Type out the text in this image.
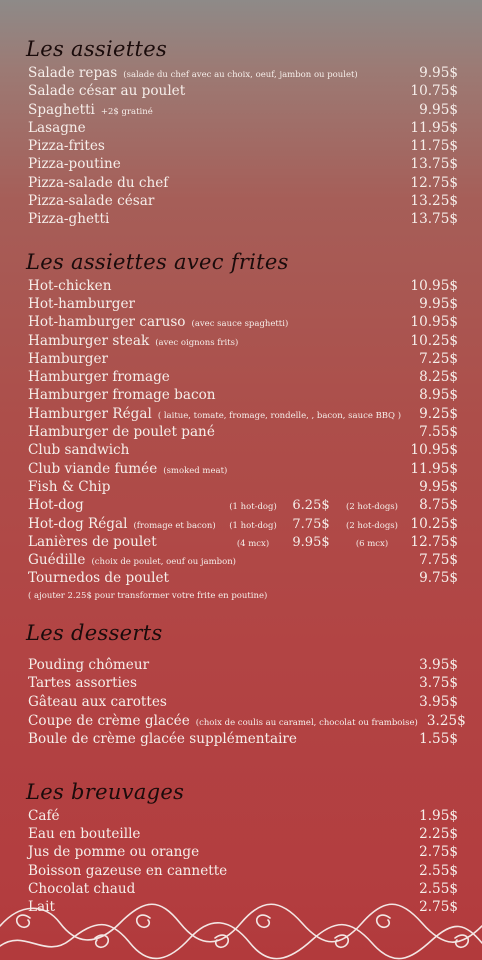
Les assiettes
Salade repas (salade du chef avec au choix, oeuf, jambon ou poulet)	9.95$
Salade césar au poulet	10.75$
Spaghetti +2$ gratiné	9.95$
Lasagne	11.95$
Pizza-frites	11.75$
Pizza-poutine	13.75$
Pizza-salade du chef	12.75$
Pizza-salade césar	13.25$
Pizza-ghetti	13.75$
Les assiettes avec frites
Hot-chicken	10.95$
Hot-hamburger	9.95$
Hot-hamburger caruso (avec sauce spaghetti)	10.95$
Hamburger steak (avec oignons frits)	10.25$
Hamburger	7.25$
Hamburger fromage	8.25$
Hamburger fromage bacon	8.95$
Hamburger Régal ( laitue, tomate, fromage, rondelle, , bacon, sauce BBQ )	9.25$
Hamburger de poulet pané	7.55$
Club sandwich	10.95$
Club viande fumée (smoked meat)	11.95$
Fish & Chip	9.95$
Hot-dog	(1 hot-dog)	6.25$	(2 hot-dogs)	8.75$
Hot-dog Régal (fromage et bacon)	(1 hot-dog)	7.75$	(2 hot-dogs) 10.25$
Lanières de poulet	(4 mcx)	9.95$	(6 mcx)	12.75$
Guédille (choix de poulet, oeuf ou jambon)	7.75$
Tournedos de poulet	9.75$
( ajouter 2.25$ pour transformer votre frite en poutine)
Les desserts
Pouding chômeur	3.95$
Tartes assorties	3.75$
Gâteau aux carottes	3.95$
Coupe de crème glacée (choix de coulis au caramel, chocolat ou framboise) 3.25$
Boule de crème glacée supplémentaire	1.55$
Les breuvages
Café	1.95$
Eau en bouteille	2.25$
Jus de pomme ou orange	2.75$
Boisson gazeuse en cannette	2.55$
Chocolat chaud	2.55$
Lait	2.75$
